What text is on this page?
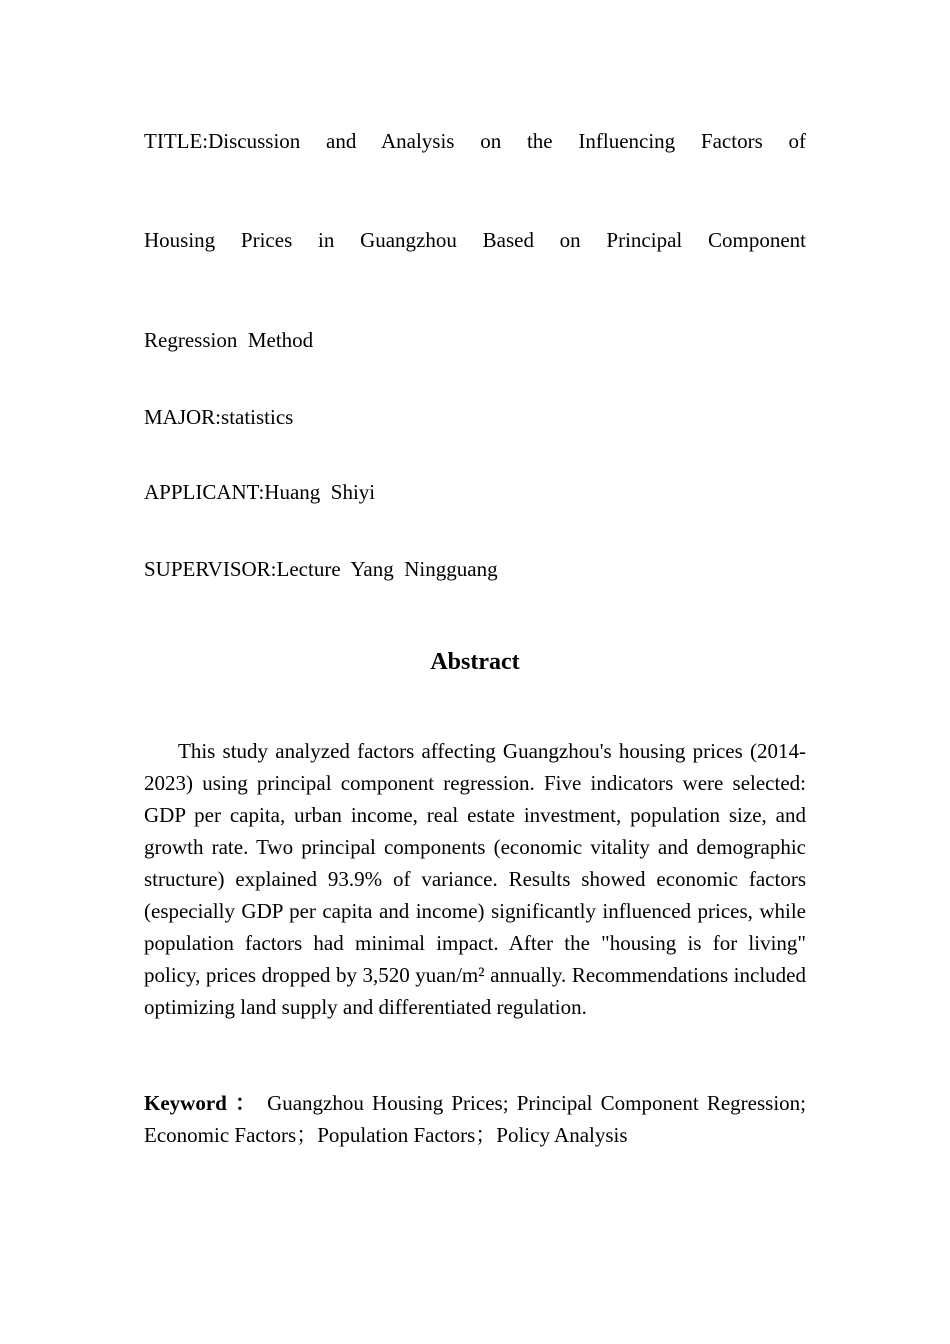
TITLE:Discussion and Analysis on the Influencing Factors of
Housing Prices in Guangzhou Based on Principal Component
Regression  Method
MAJOR:statistics
APPLICANT:Huang  Shiyi
SUPERVISOR:Lecture  Yang  Ningguang
Abstract

This study analyzed factors affecting Guangzhou's housing prices (2014-2023) using principal component regression. Five indicators were selected: GDP per capita, urban income, real estate investment, population size, and growth rate. Two principal components (economic vitality and demographic structure) explained 93.9% of variance. Results showed economic factors (especially GDP per capita and income) significantly influenced prices, while population factors had minimal impact. After the "housing is for living" policy, prices dropped by 3,520 yuan/m² annually. Recommendations included optimizing land supply and differentiated regulation.

Keyword ： Guangzhou Housing Prices; Principal Component Regression; Economic Factors；Population Factors；Policy Analysis
